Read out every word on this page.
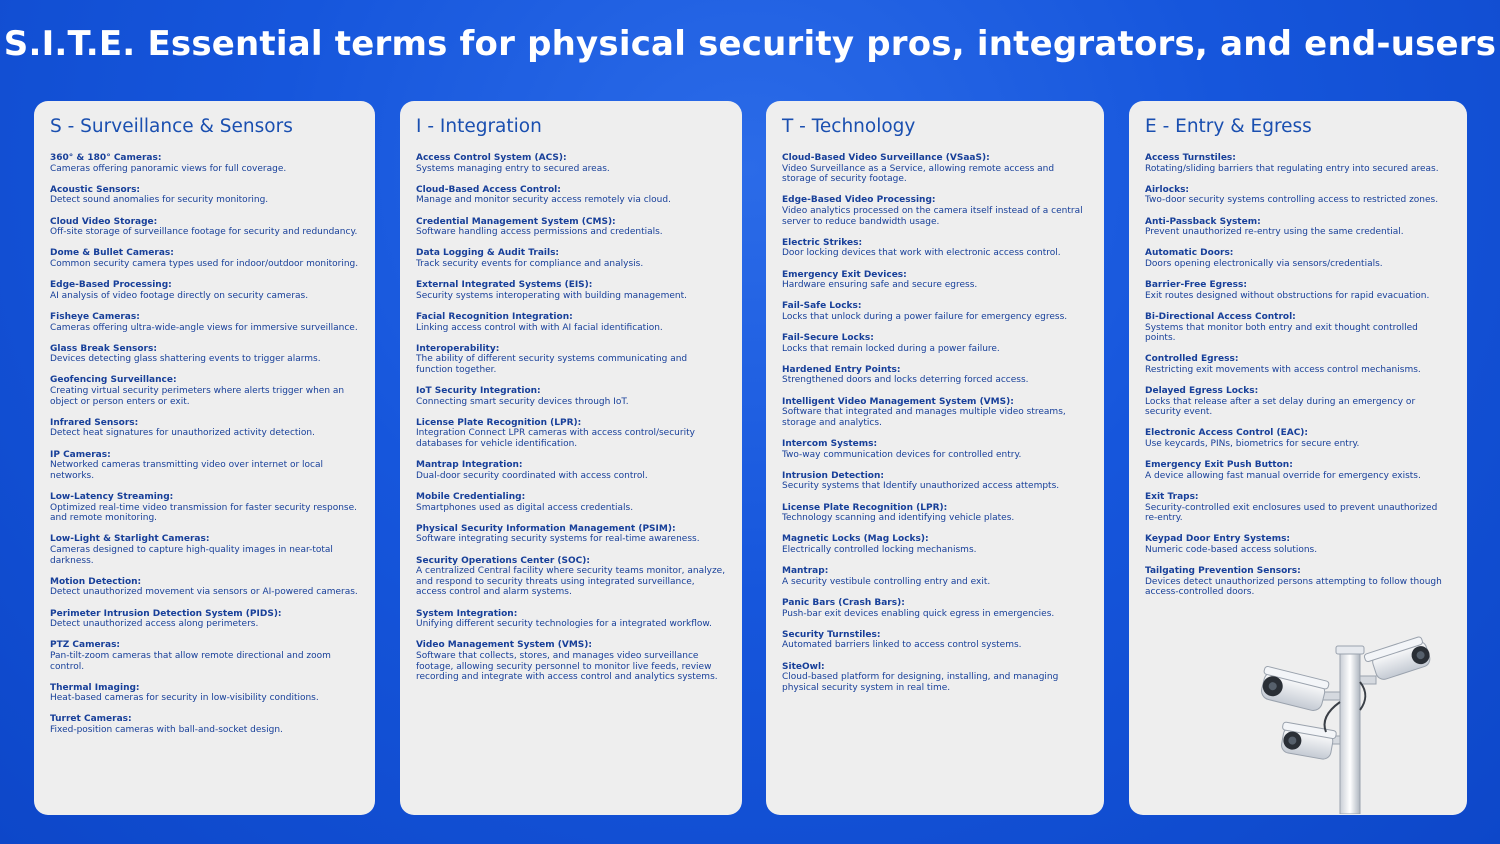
S.I.T.E. Essential terms for physical security pros, integrators, and end-users
S - Surveillance & Sensors
360° & 180° Cameras:
Cameras offering panoramic views for full coverage.
Acoustic Sensors:
Detect sound anomalies for security monitoring.
Cloud Video Storage:
Off-site storage of surveillance footage for security and redundancy.
Dome & Bullet Cameras:
Common security camera types used for indoor/outdoor monitoring.
Edge-Based Processing:
AI analysis of video footage directly on security cameras.
Fisheye Cameras:
Cameras offering ultra-wide-angle views for immersive surveillance.
Glass Break Sensors:
Devices detecting glass shattering events to trigger alarms.
Geofencing Surveillance:
Creating virtual security perimeters where alerts trigger when an object or person enters or exit.
Infrared Sensors:
Detect heat signatures for unauthorized activity detection.
IP Cameras:
Networked cameras transmitting video over internet or local networks.
Low-Latency Streaming:
Optimized real-time video transmission for faster security response. and remote monitoring.
Low-Light & Starlight Cameras:
Cameras designed to capture high-quality images in near-total darkness.
Motion Detection:
Detect unauthorized movement via sensors or AI-powered cameras.
Perimeter Intrusion Detection System (PIDS):
Detect unauthorized access along perimeters.
PTZ Cameras:
Pan-tilt-zoom cameras that allow remote directional and zoom control.
Thermal Imaging:
Heat-based cameras for security in low-visibility conditions.
Turret Cameras:
Fixed-position cameras with ball-and-socket design.
I - Integration
Access Control System (ACS):
Systems managing entry to secured areas.
Cloud-Based Access Control:
Manage and monitor security access remotely via cloud.
Credential Management System (CMS):
Software handling access permissions and credentials.
Data Logging & Audit Trails:
Track security events for compliance and analysis.
External Integrated Systems (EIS):
Security systems interoperating with building management.
Facial Recognition Integration:
Linking access control with with AI facial identification.
Interoperability:
The ability of different security systems communicating and function together.
IoT Security Integration:
Connecting smart security devices through IoT.
License Plate Recognition (LPR):
Integration Connect LPR cameras with access control/security databases for vehicle identification.
Mantrap Integration:
Dual-door security coordinated with access control.
Mobile Credentialing:
Smartphones used as digital access credentials.
Physical Security Information Management (PSIM):
Software integrating security systems for real-time awareness.
Security Operations Center (SOC):
A centralized Central facility where security teams monitor, analyze, and respond to security threats using integrated surveillance, access control and alarm systems.
System Integration:
Unifying different security technologies for a integrated workflow.
Video Management System (VMS):
Software that collects, stores, and manages video surveillance footage, allowing security personnel to monitor live feeds, review recording and integrate with access control and analytics systems.
T - Technology
Cloud-Based Video Surveillance (VSaaS):
Video Surveillance as a Service, allowing remote access and storage of security footage.
Edge-Based Video Processing:
Video analytics processed on the camera itself instead of a central server to reduce bandwidth usage.
Electric Strikes:
Door locking devices that work with electronic access control.
Emergency Exit Devices:
Hardware ensuring safe and secure egress.
Fail-Safe Locks:
Locks that unlock during a power failure for emergency egress.
Fail-Secure Locks:
Locks that remain locked during a power failure.
Hardened Entry Points:
Strengthened doors and locks deterring forced access.
Intelligent Video Management System (VMS):
Software that integrated and manages multiple video streams, storage and analytics.
Intercom Systems:
Two-way communication devices for controlled entry.
Intrusion Detection:
Security systems that Identify unauthorized access attempts.
License Plate Recognition (LPR):
Technology scanning and identifying vehicle plates.
Magnetic Locks (Mag Locks):
Electrically controlled locking mechanisms.
Mantrap:
A security vestibule controlling entry and exit.
Panic Bars (Crash Bars):
Push-bar exit devices enabling quick egress in emergencies.
Security Turnstiles:
Automated barriers linked to access control systems.
SiteOwl:
Cloud-based platform for designing, installing, and managing physical security system in real time.
E - Entry & Egress
Access Turnstiles:
Rotating/sliding barriers that regulating entry into secured areas.
Airlocks:
Two-door security systems controlling access to restricted zones.
Anti-Passback System:
Prevent unauthorized re-entry using the same credential.
Automatic Doors:
Doors opening electronically via sensors/credentials.
Barrier-Free Egress:
Exit routes designed without obstructions for rapid evacuation.
Bi-Directional Access Control:
Systems that monitor both entry and exit thought controlled points.
Controlled Egress:
Restricting exit movements with access control mechanisms.
Delayed Egress Locks:
Locks that release after a set delay during an emergency or security event.
Electronic Access Control (EAC):
Use keycards, PINs, biometrics for secure entry.
Emergency Exit Push Button:
A device allowing fast manual override for emergency exists.
Exit Traps:
Security-controlled exit enclosures used to prevent unauthorized re-entry.
Keypad Door Entry Systems:
Numeric code-based access solutions.
Tailgating Prevention Sensors:
Devices detect unauthorized persons attempting to follow though access-controlled doors.
